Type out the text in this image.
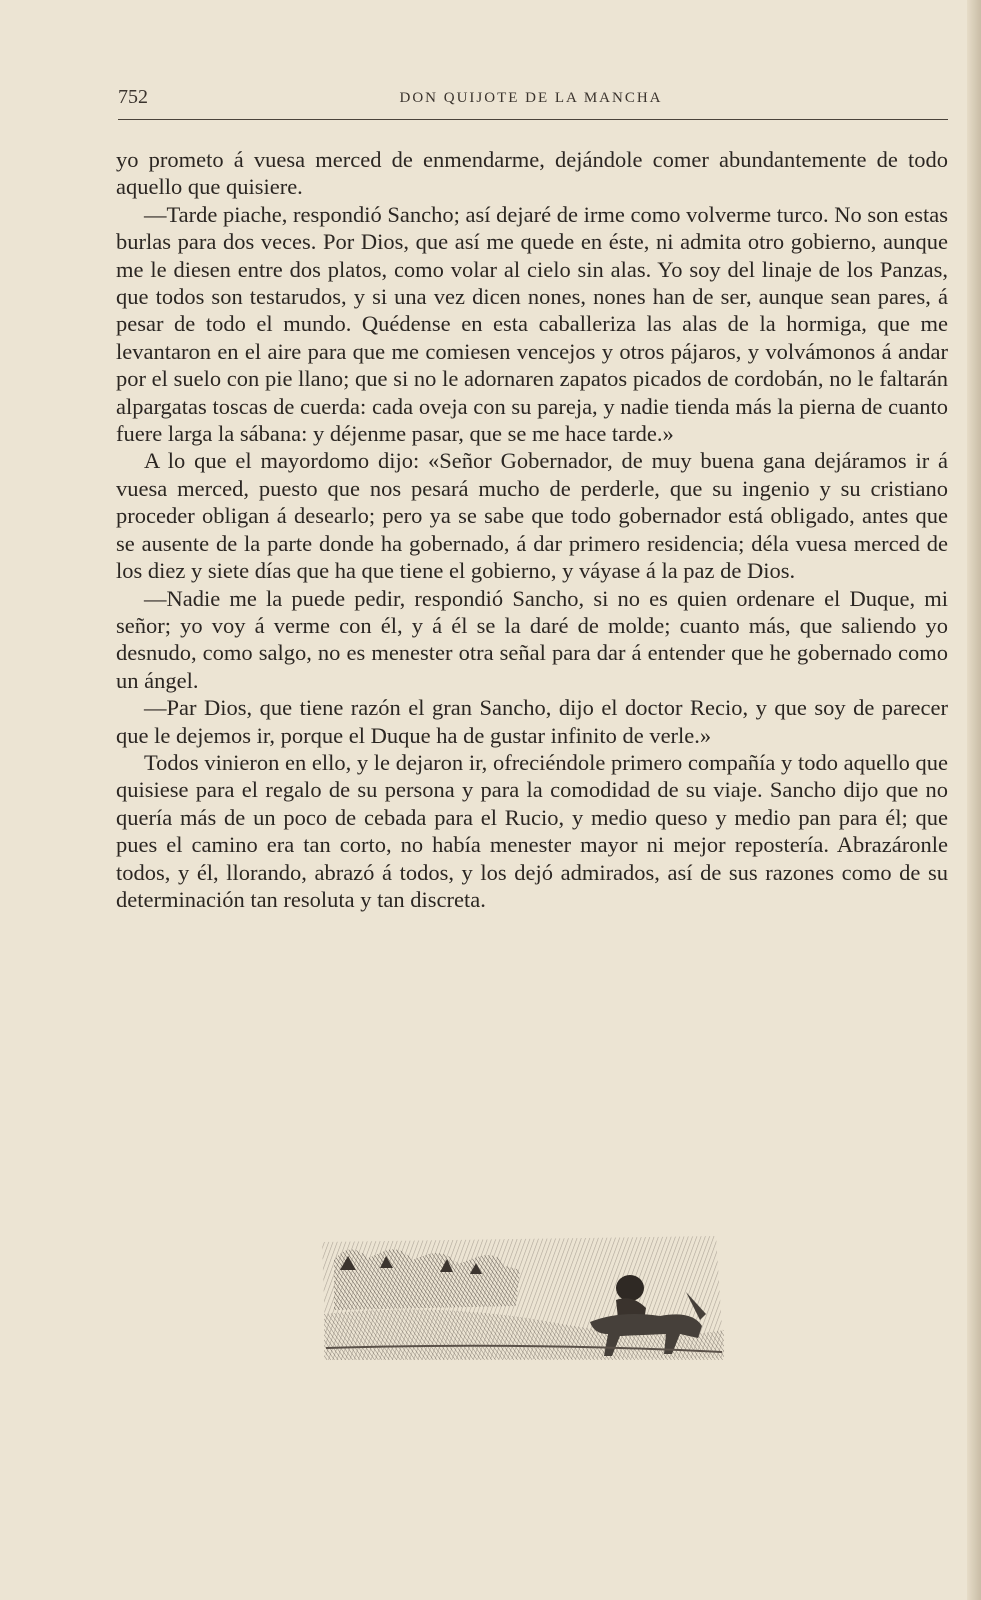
752	DON QUIJOTE DE LA MANCHA

yo prometo á vuesa merced de enmendarme, dejándole comer abundantemente de todo aquello que quisiere.

—Tarde piache, respondió Sancho; así dejaré de irme como volverme turco. No son estas burlas para dos veces. Por Dios, que así me quede en éste, ni admita otro gobierno, aunque me le diesen entre dos platos, como volar al cielo sin alas. Yo soy del linaje de los Panzas, que todos son testarudos, y si una vez dicen nones, nones han de ser, aunque sean pares, á pesar de todo el mundo. Quédense en esta caballeriza las alas de la hormiga, que me levantaron en el aire para que me comiesen vencejos y otros pájaros, y volvámonos á andar por el suelo con pie llano; que si no le adornaren zapatos picados de cordobán, no le faltarán alpargatas toscas de cuerda: cada oveja con su pareja, y nadie tienda más la pierna de cuanto fuere larga la sábana: y déjenme pasar, que se me hace tarde.»

A lo que el mayordomo dijo: «Señor Gobernador, de muy buena gana dejáramos ir á vuesa merced, puesto que nos pesará mucho de perderle, que su ingenio y su cristiano proceder obligan á desearlo; pero ya se sabe que todo gobernador está obligado, antes que se ausente de la parte donde ha gobernado, á dar primero residencia; déla vuesa merced de los diez y siete días que ha que tiene el gobierno, y váyase á la paz de Dios.

—Nadie me la puede pedir, respondió Sancho, si no es quien ordenare el Duque, mi señor; yo voy á verme con él, y á él se la daré de molde; cuanto más, que saliendo yo desnudo, como salgo, no es menester otra señal para dar á entender que he gobernado como un ángel.

—Par Dios, que tiene razón el gran Sancho, dijo el doctor Recio, y que soy de parecer que le dejemos ir, porque el Duque ha de gustar infinito de verle.»

Todos vinieron en ello, y le dejaron ir, ofreciéndole primero compañía y todo aquello que quisiese para el regalo de su persona y para la comodidad de su viaje. Sancho dijo que no quería más de un poco de cebada para el Rucio, y medio queso y medio pan para él; que pues el camino era tan corto, no había menester mayor ni mejor repostería. Abrazáronle todos, y él, llorando, abrazó á todos, y los dejó admirados, así de sus razones como de su determinación tan resoluta y tan discreta.
